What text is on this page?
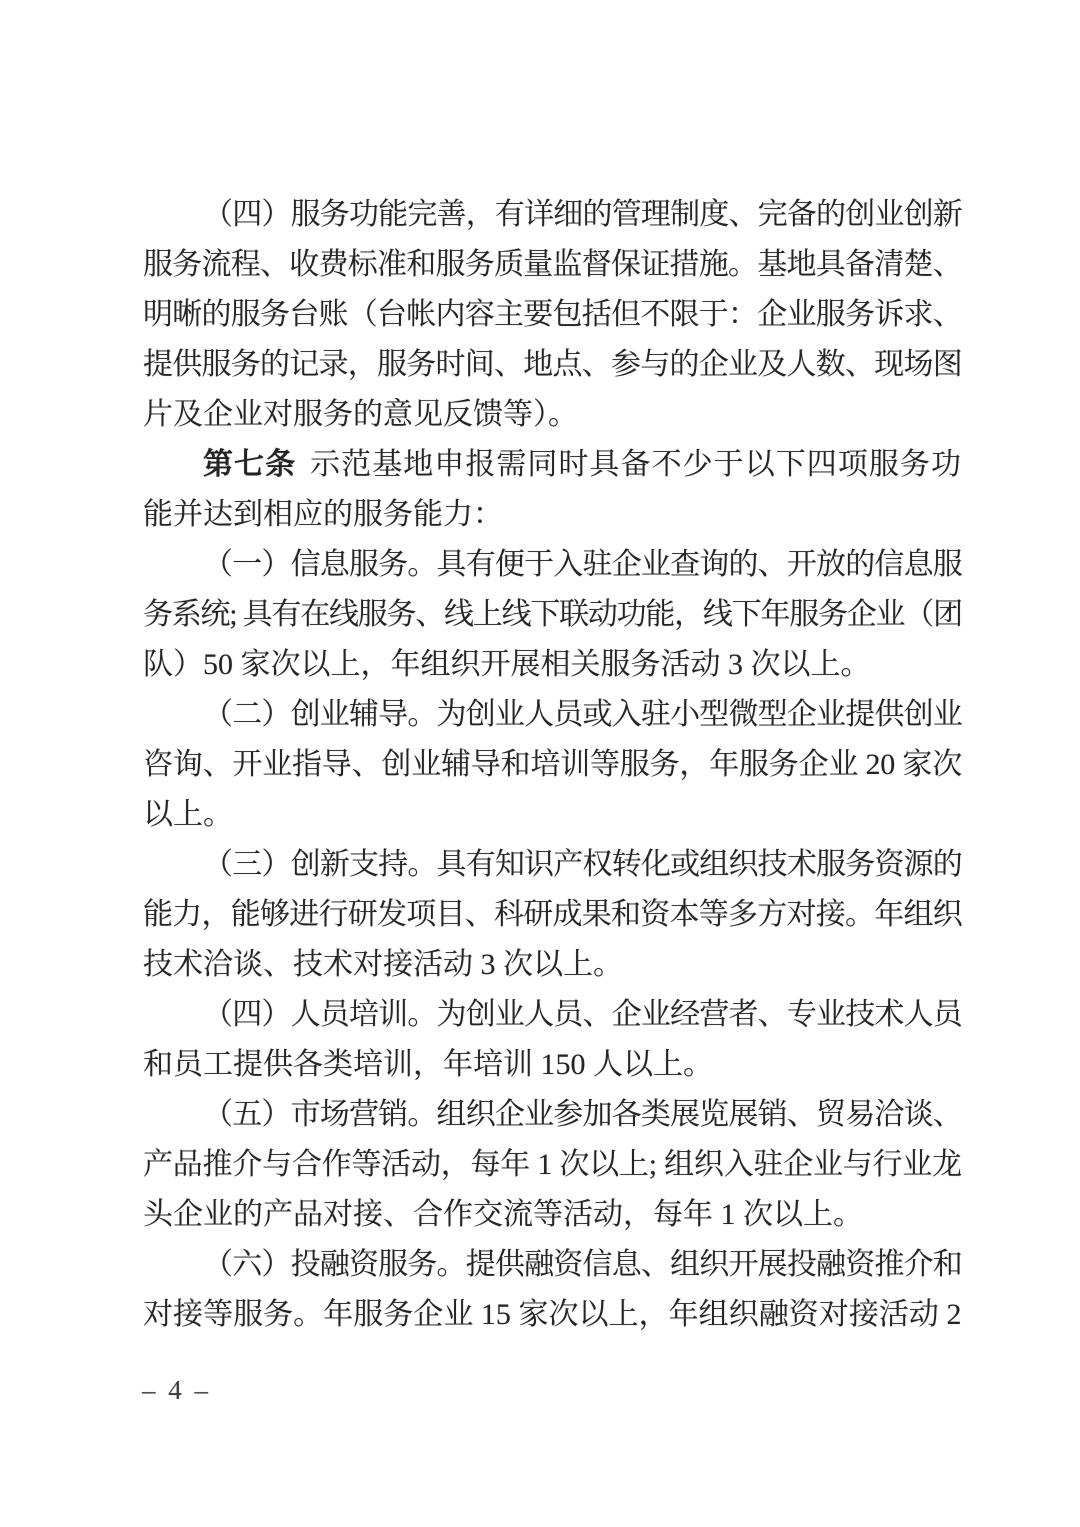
（四）服务功能完善，有详细的管理制度、完备的创业创新
服务流程、收费标准和服务质量监督保证措施。基地具备清楚、
明晰的服务台账（台帐内容主要包括但不限于：企业服务诉求、
提供服务的记录，服务时间、地点、参与的企业及人数、现场图
片及企业对服务的意见反馈等）。
第七条 示范基地申报需同时具备不少于以下四项服务功
能并达到相应的服务能力：
（一）信息服务。具有便于入驻企业查询的、开放的信息服
务系统; 具有在线服务、线上线下联动功能，线下年服务企业（团
队）50 家次以上，年组织开展相关服务活动 3 次以上。
（二）创业辅导。为创业人员或入驻小型微型企业提供创业
咨询、开业指导、创业辅导和培训等服务，年服务企业 20 家次
以上。
（三）创新支持。具有知识产权转化或组织技术服务资源的
能力，能够进行研发项目、科研成果和资本等多方对接。年组织
技术洽谈、技术对接活动 3 次以上。
（四）人员培训。为创业人员、企业经营者、专业技术人员
和员工提供各类培训，年培训 150 人以上。
（五）市场营销。组织企业参加各类展览展销、贸易洽谈、
产品推介与合作等活动，每年 1 次以上; 组织入驻企业与行业龙
头企业的产品对接、合作交流等活动，每年 1 次以上。
（六）投融资服务。提供融资信息、组织开展投融资推介和
对接等服务。年服务企业 15 家次以上，年组织融资对接活动 2
– 4 –
